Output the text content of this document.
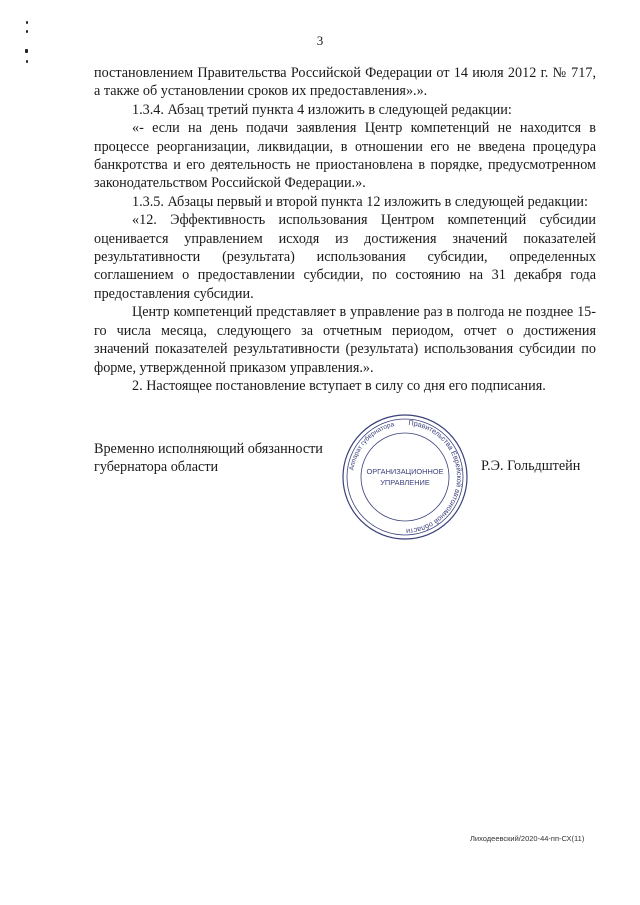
3

постановлением Правительства Российской Федерации от 14 июля 2012 г. № 717, а также об установлении сроков их предоставления».».

1.3.4. Абзац третий пункта 4 изложить в следующей редакции:

«- если на день подачи заявления Центр компетенций не находится в процессе реорганизации, ликвидации, в отношении его не введена процедура банкротства и его деятельность не приостановлена в порядке, предусмотренном законодательством Российской Федерации.».

1.3.5. Абзацы первый и второй пункта 12 изложить в следующей редакции:

«12. Эффективность использования Центром компетенций субсидии оценивается управлением исходя из достижения значений показателей результативности (результата) использования субсидии, определенных соглашением о предоставлении субсидии, по состоянию на 31 декабря года предоставления субсидии.

Центр компетенций представляет в управление раз в полгода не позднее 15-го числа месяца, следующего за отчетным периодом, отчет о достижения значений показателей результативности (результата) использования субсидии по форме, утвержденной приказом управления.».

2. Настоящее постановление вступает в силу со дня его подписания.

Временно исполняющий обязанности
губернатора области
Правительства Еврейской автономной области
Аппарат губернатора
ОРГАНИЗАЦИОННОЕ
УПРАВЛЕНИЕ
Р.Э. Гольдштейн
Лиходеевский/2020-44-пп-СХ(11)
